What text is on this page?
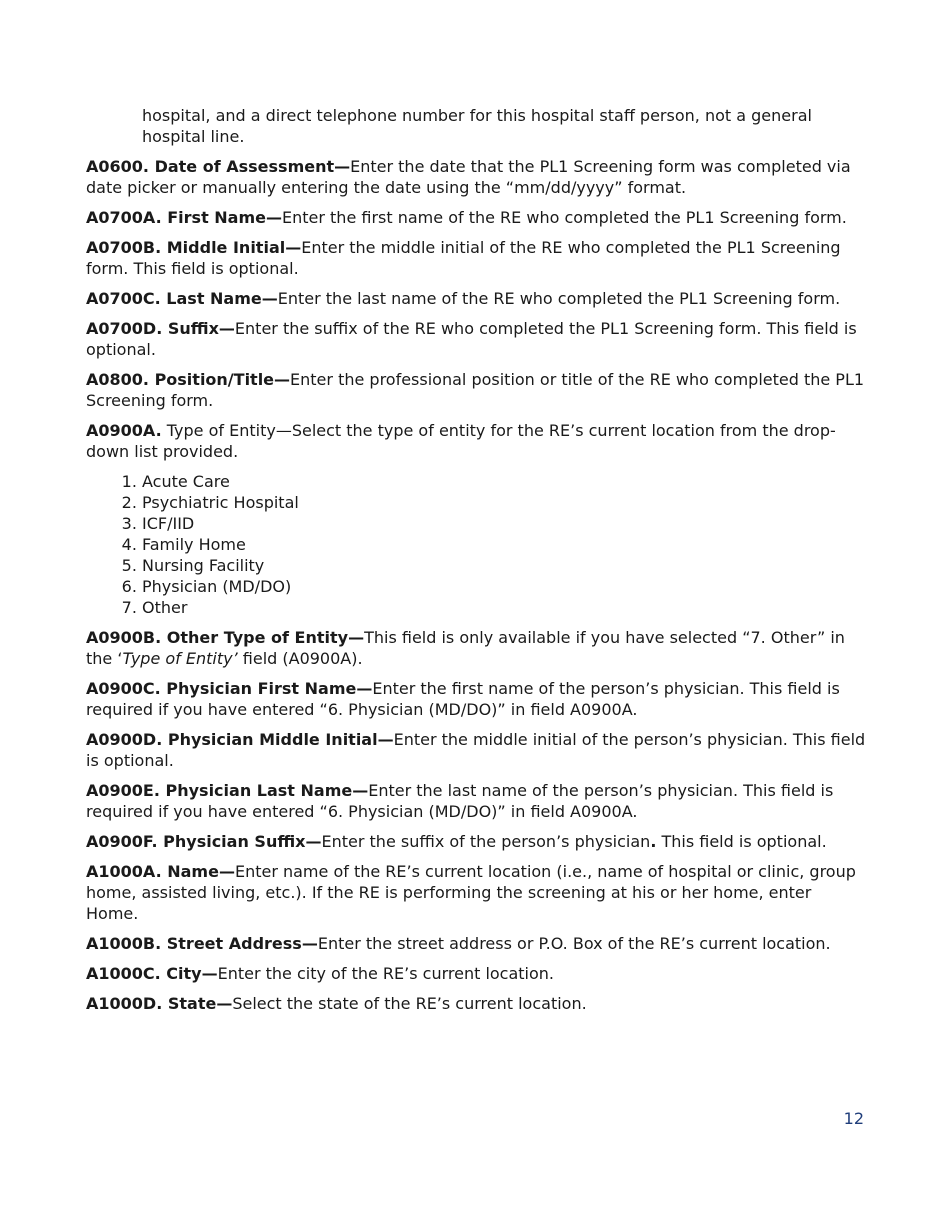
hospital, and a direct telephone number for this hospital staff person, not a general hospital line.

A0600. Date of Assessment—Enter the date that the PL1 Screening form was completed via date picker or manually entering the date using the “mm/dd/yyyy” format.

A0700A. First Name—Enter the first name of the RE who completed the PL1 Screening form.

A0700B. Middle Initial—Enter the middle initial of the RE who completed the PL1 Screening form. This field is optional.

A0700C. Last Name—Enter the last name of the RE who completed the PL1 Screening form.

A0700D. Suffix—Enter the suffix of the RE who completed the PL1 Screening form. This field is optional.

A0800. Position/Title—Enter the professional position or title of the RE who completed the PL1 Screening form.

A0900A. Type of Entity—Select the type of entity for the RE’s current location from the drop-down list provided.

1. Acute Care
2. Psychiatric Hospital
3. ICF/IID
4. Family Home
5. Nursing Facility
6. Physician (MD/DO)
7. Other

A0900B. Other Type of Entity—This field is only available if you have selected “7. Other” in the ‘Type of Entity’ field (A0900A).

A0900C. Physician First Name—Enter the first name of the person’s physician. This field is required if you have entered “6. Physician (MD/DO)” in field A0900A.

A0900D. Physician Middle Initial—Enter the middle initial of the person’s physician. This field is optional.

A0900E. Physician Last Name—Enter the last name of the person’s physician. This field is required if you have entered “6. Physician (MD/DO)” in field A0900A.

A0900F. Physician Suffix—Enter the suffix of the person’s physician. This field is optional.

A1000A. Name—Enter name of the RE’s current location (i.e., name of hospital or clinic, group home, assisted living, etc.). If the RE is performing the screening at his or her home, enter Home.

A1000B. Street Address—Enter the street address or P.O. Box of the RE’s current location.

A1000C. City—Enter the city of the RE’s current location.

A1000D. State—Select the state of the RE’s current location.

12
